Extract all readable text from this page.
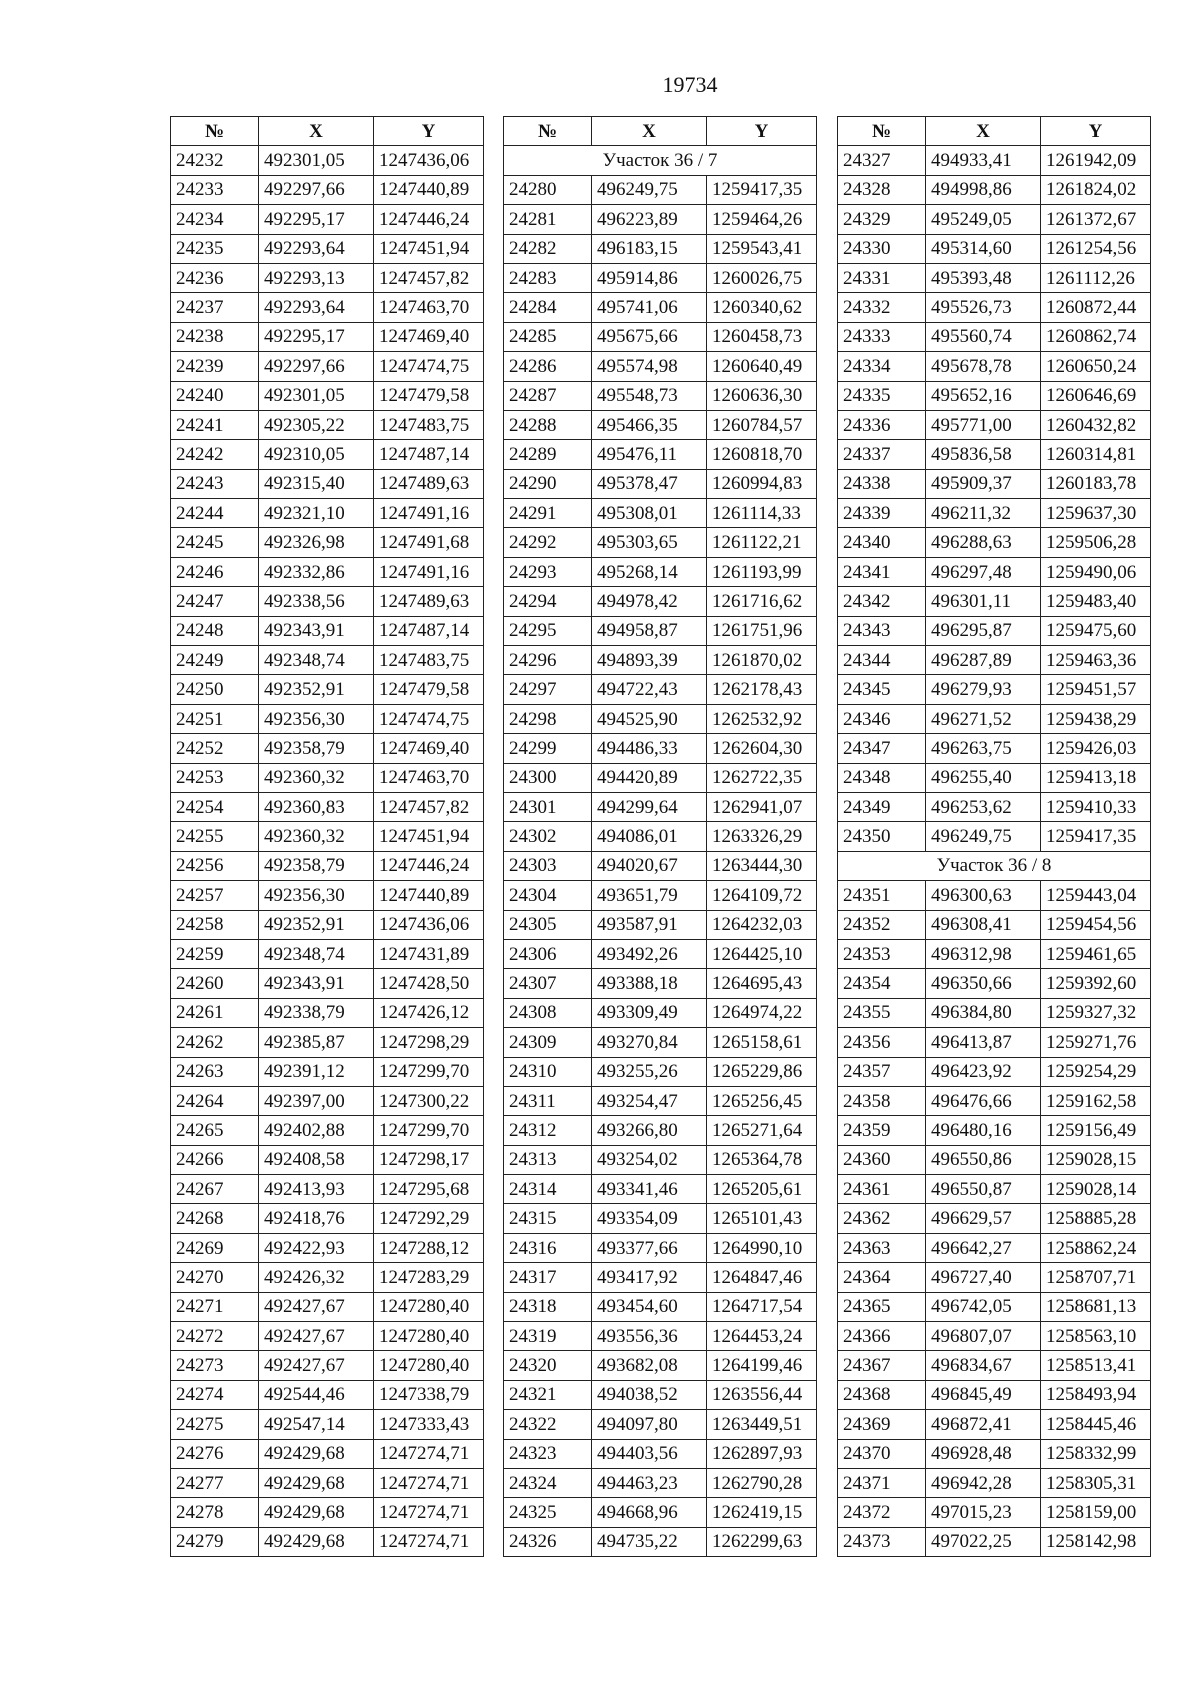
19734
№	X	Y
24232	492301,05	1247436,06
24233	492297,66	1247440,89
24234	492295,17	1247446,24
24235	492293,64	1247451,94
24236	492293,13	1247457,82
24237	492293,64	1247463,70
24238	492295,17	1247469,40
24239	492297,66	1247474,75
24240	492301,05	1247479,58
24241	492305,22	1247483,75
24242	492310,05	1247487,14
24243	492315,40	1247489,63
24244	492321,10	1247491,16
24245	492326,98	1247491,68
24246	492332,86	1247491,16
24247	492338,56	1247489,63
24248	492343,91	1247487,14
24249	492348,74	1247483,75
24250	492352,91	1247479,58
24251	492356,30	1247474,75
24252	492358,79	1247469,40
24253	492360,32	1247463,70
24254	492360,83	1247457,82
24255	492360,32	1247451,94
24256	492358,79	1247446,24
24257	492356,30	1247440,89
24258	492352,91	1247436,06
24259	492348,74	1247431,89
24260	492343,91	1247428,50
24261	492338,79	1247426,12
24262	492385,87	1247298,29
24263	492391,12	1247299,70
24264	492397,00	1247300,22
24265	492402,88	1247299,70
24266	492408,58	1247298,17
24267	492413,93	1247295,68
24268	492418,76	1247292,29
24269	492422,93	1247288,12
24270	492426,32	1247283,29
24271	492427,67	1247280,40
24272	492427,67	1247280,40
24273	492427,67	1247280,40
24274	492544,46	1247338,79
24275	492547,14	1247333,43
24276	492429,68	1247274,71
24277	492429,68	1247274,71
24278	492429,68	1247274,71
24279	492429,68	1247274,71
№	X	Y
Участок 36 / 7		
24280	496249,75	1259417,35
24281	496223,89	1259464,26
24282	496183,15	1259543,41
24283	495914,86	1260026,75
24284	495741,06	1260340,62
24285	495675,66	1260458,73
24286	495574,98	1260640,49
24287	495548,73	1260636,30
24288	495466,35	1260784,57
24289	495476,11	1260818,70
24290	495378,47	1260994,83
24291	495308,01	1261114,33
24292	495303,65	1261122,21
24293	495268,14	1261193,99
24294	494978,42	1261716,62
24295	494958,87	1261751,96
24296	494893,39	1261870,02
24297	494722,43	1262178,43
24298	494525,90	1262532,92
24299	494486,33	1262604,30
24300	494420,89	1262722,35
24301	494299,64	1262941,07
24302	494086,01	1263326,29
24303	494020,67	1263444,30
24304	493651,79	1264109,72
24305	493587,91	1264232,03
24306	493492,26	1264425,10
24307	493388,18	1264695,43
24308	493309,49	1264974,22
24309	493270,84	1265158,61
24310	493255,26	1265229,86
24311	493254,47	1265256,45
24312	493266,80	1265271,64
24313	493254,02	1265364,78
24314	493341,46	1265205,61
24315	493354,09	1265101,43
24316	493377,66	1264990,10
24317	493417,92	1264847,46
24318	493454,60	1264717,54
24319	493556,36	1264453,24
24320	493682,08	1264199,46
24321	494038,52	1263556,44
24322	494097,80	1263449,51
24323	494403,56	1262897,93
24324	494463,23	1262790,28
24325	494668,96	1262419,15
24326	494735,22	1262299,63
№	X	Y
24327	494933,41	1261942,09
24328	494998,86	1261824,02
24329	495249,05	1261372,67
24330	495314,60	1261254,56
24331	495393,48	1261112,26
24332	495526,73	1260872,44
24333	495560,74	1260862,74
24334	495678,78	1260650,24
24335	495652,16	1260646,69
24336	495771,00	1260432,82
24337	495836,58	1260314,81
24338	495909,37	1260183,78
24339	496211,32	1259637,30
24340	496288,63	1259506,28
24341	496297,48	1259490,06
24342	496301,11	1259483,40
24343	496295,87	1259475,60
24344	496287,89	1259463,36
24345	496279,93	1259451,57
24346	496271,52	1259438,29
24347	496263,75	1259426,03
24348	496255,40	1259413,18
24349	496253,62	1259410,33
24350	496249,75	1259417,35
Участок 36 / 8		
24351	496300,63	1259443,04
24352	496308,41	1259454,56
24353	496312,98	1259461,65
24354	496350,66	1259392,60
24355	496384,80	1259327,32
24356	496413,87	1259271,76
24357	496423,92	1259254,29
24358	496476,66	1259162,58
24359	496480,16	1259156,49
24360	496550,86	1259028,15
24361	496550,87	1259028,14
24362	496629,57	1258885,28
24363	496642,27	1258862,24
24364	496727,40	1258707,71
24365	496742,05	1258681,13
24366	496807,07	1258563,10
24367	496834,67	1258513,41
24368	496845,49	1258493,94
24369	496872,41	1258445,46
24370	496928,48	1258332,99
24371	496942,28	1258305,31
24372	497015,23	1258159,00
24373	497022,25	1258142,98
